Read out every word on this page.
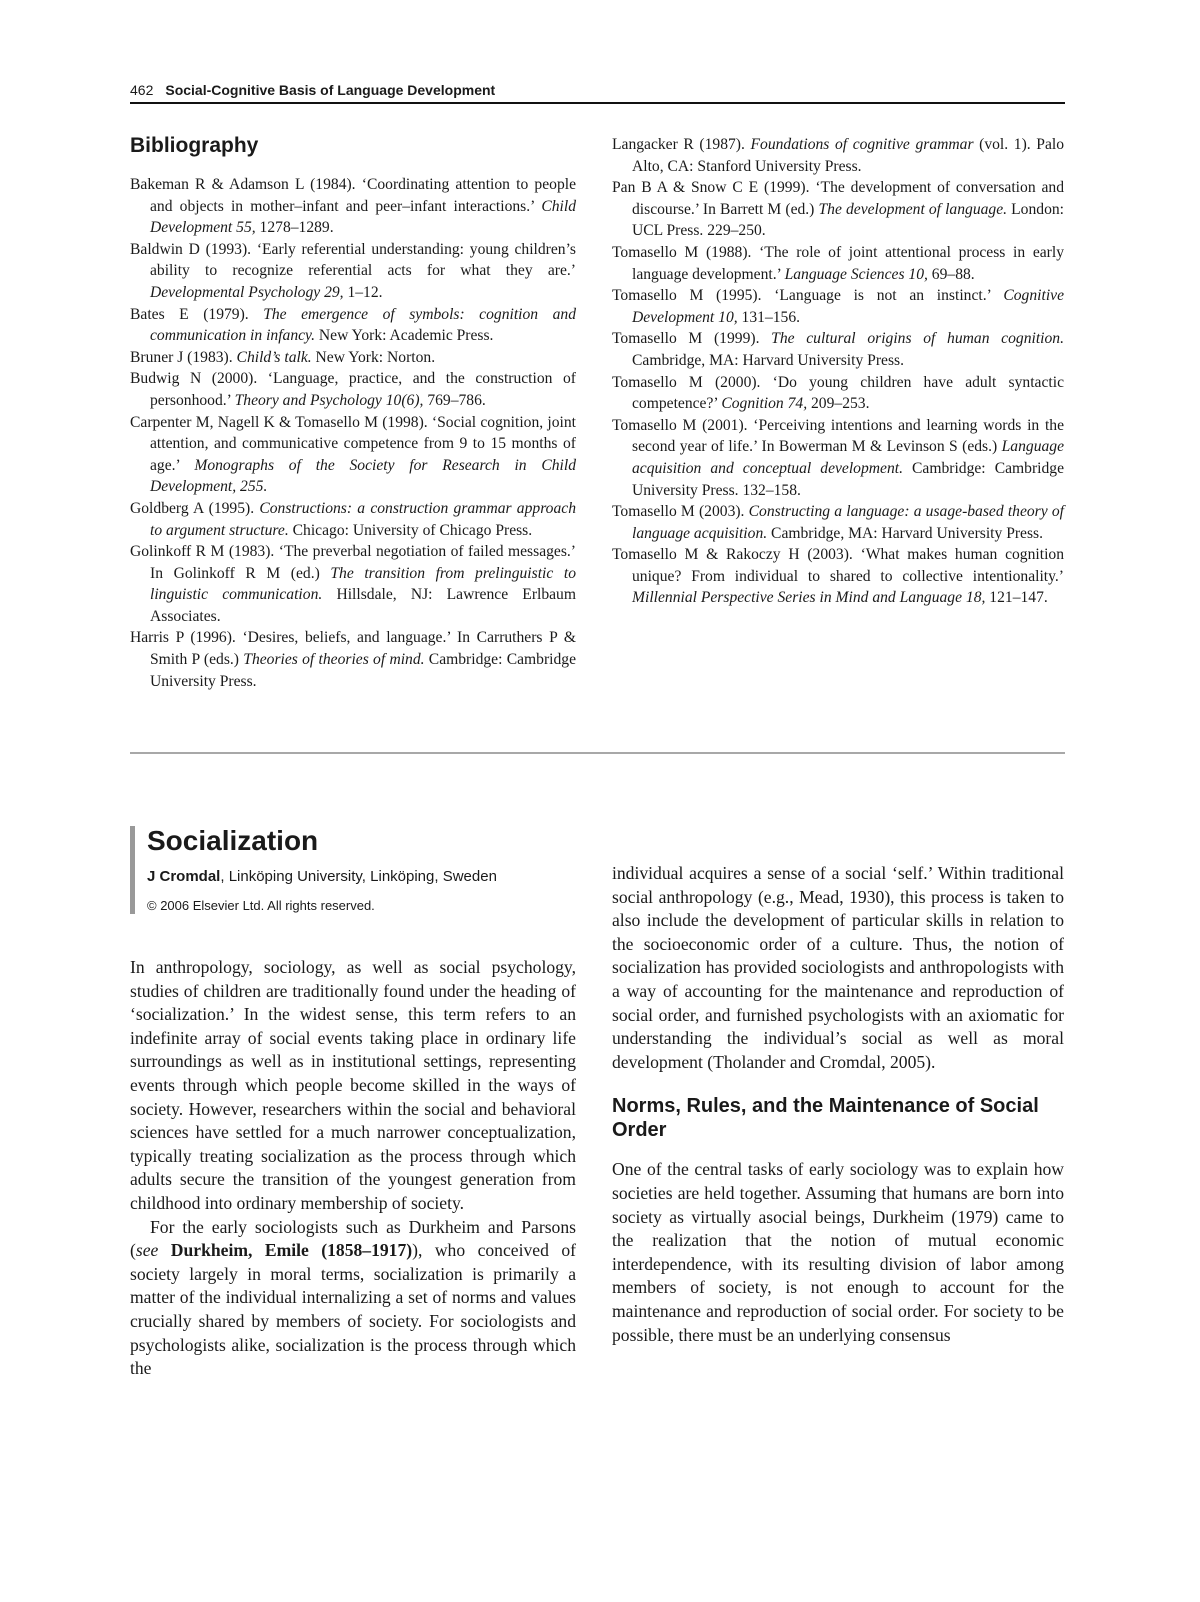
462 Social-Cognitive Basis of Language Development
Bibliography

Bakeman R & Adamson L (1984). ‘Coordinating attention to people and objects in mother–infant and peer–infant interactions.’ Child Development 55, 1278–1289.

Baldwin D (1993). ‘Early referential understanding: young children’s ability to recognize referential acts for what they are.’ Developmental Psychology 29, 1–12.

Bates E (1979). The emergence of symbols: cognition and communication in infancy. New York: Academic Press.

Bruner J (1983). Child’s talk. New York: Norton.

Budwig N (2000). ‘Language, practice, and the construction of personhood.’ Theory and Psychology 10(6), 769–786.

Carpenter M, Nagell K & Tomasello M (1998). ‘Social cognition, joint attention, and communicative competence from 9 to 15 months of age.’ Monographs of the Society for Research in Child Development, 255.

Goldberg A (1995). Constructions: a construction grammar approach to argument structure. Chicago: University of Chicago Press.

Golinkoff R M (1983). ‘The preverbal negotiation of failed messages.’ In Golinkoff R M (ed.) The transition from prelinguistic to linguistic communication. Hillsdale, NJ: Lawrence Erlbaum Associates.

Harris P (1996). ‘Desires, beliefs, and language.’ In Carruthers P & Smith P (eds.) Theories of theories of mind. Cambridge: Cambridge University Press.

Langacker R (1987). Foundations of cognitive grammar (vol. 1). Palo Alto, CA: Stanford University Press.

Pan B A & Snow C E (1999). ‘The development of conversation and discourse.’ In Barrett M (ed.) The development of language. London: UCL Press. 229–250.

Tomasello M (1988). ‘The role of joint attentional process in early language development.’ Language Sciences 10, 69–88.

Tomasello M (1995). ‘Language is not an instinct.’ Cognitive Development 10, 131–156.

Tomasello M (1999). The cultural origins of human cognition. Cambridge, MA: Harvard University Press.

Tomasello M (2000). ‘Do young children have adult syntactic competence?’ Cognition 74, 209–253.

Tomasello M (2001). ‘Perceiving intentions and learning words in the second year of life.’ In Bowerman M & Levinson S (eds.) Language acquisition and conceptual development. Cambridge: Cambridge University Press. 132–158.

Tomasello M (2003). Constructing a language: a usage-based theory of language acquisition. Cambridge, MA: Harvard University Press.

Tomasello M & Rakoczy H (2003). ‘What makes human cognition unique? From individual to shared to collective intentionality.’ Millennial Perspective Series in Mind and Language 18, 121–147.

Socialization

J Cromdal, Linköping University, Linköping, Sweden

© 2006 Elsevier Ltd. All rights reserved.

In anthropology, sociology, as well as social psychology, studies of children are traditionally found under the heading of ‘socialization.’ In the widest sense, this term refers to an indefinite array of social events taking place in ordinary life surroundings as well as in institutional settings, representing events through which people become skilled in the ways of society. However, researchers within the social and behavioral sciences have settled for a much narrower conceptualization, typically treating socialization as the process through which adults secure the transition of the youngest generation from childhood into ordinary membership of society.

For the early sociologists such as Durkheim and Parsons (see Durkheim, Emile (1858–1917)), who conceived of society largely in moral terms, socialization is primarily a matter of the individual internalizing a set of norms and values crucially shared by members of society. For sociologists and psychologists alike, socialization is the process through which the

individual acquires a sense of a social ‘self.’ Within traditional social anthropology (e.g., Mead, 1930), this process is taken to also include the development of particular skills in relation to the socioeconomic order of a culture. Thus, the notion of socialization has provided sociologists and anthropologists with a way of accounting for the maintenance and reproduction of social order, and furnished psychologists with an axiomatic for understanding the individual’s social as well as moral development (Tholander and Cromdal, 2005).

Norms, Rules, and the Maintenance of Social Order

One of the central tasks of early sociology was to explain how societies are held together. Assuming that humans are born into society as virtually asocial beings, Durkheim (1979) came to the realization that the notion of mutual economic interdependence, with its resulting division of labor among members of society, is not enough to account for the maintenance and reproduction of social order. For society to be possible, there must be an underlying consensus
